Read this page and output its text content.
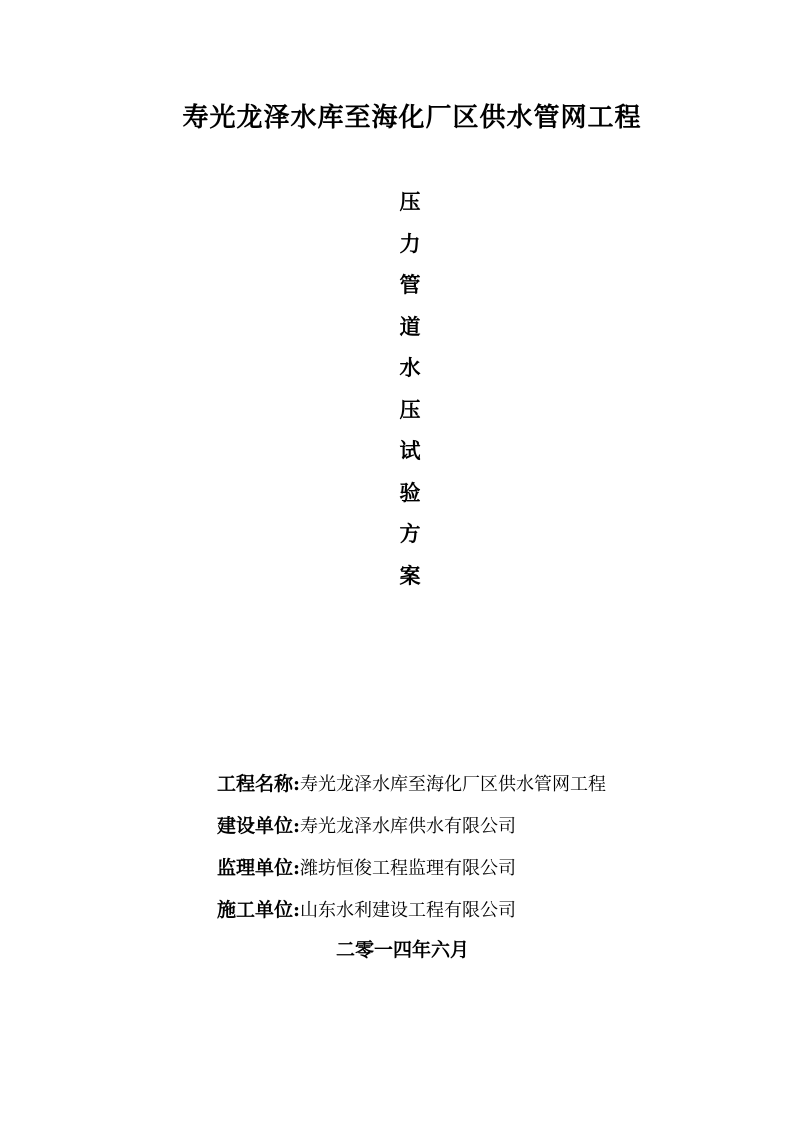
寿光龙泽水库至海化厂区供水管网工程
压
力
管
道
水
压
试
验
方
案
工程名称:寿光龙泽水库至海化厂区供水管网工程
建设单位:寿光龙泽水库供水有限公司
监理单位:潍坊恒俊工程监理有限公司
施工单位:山东水利建设工程有限公司
二零一四年六月
